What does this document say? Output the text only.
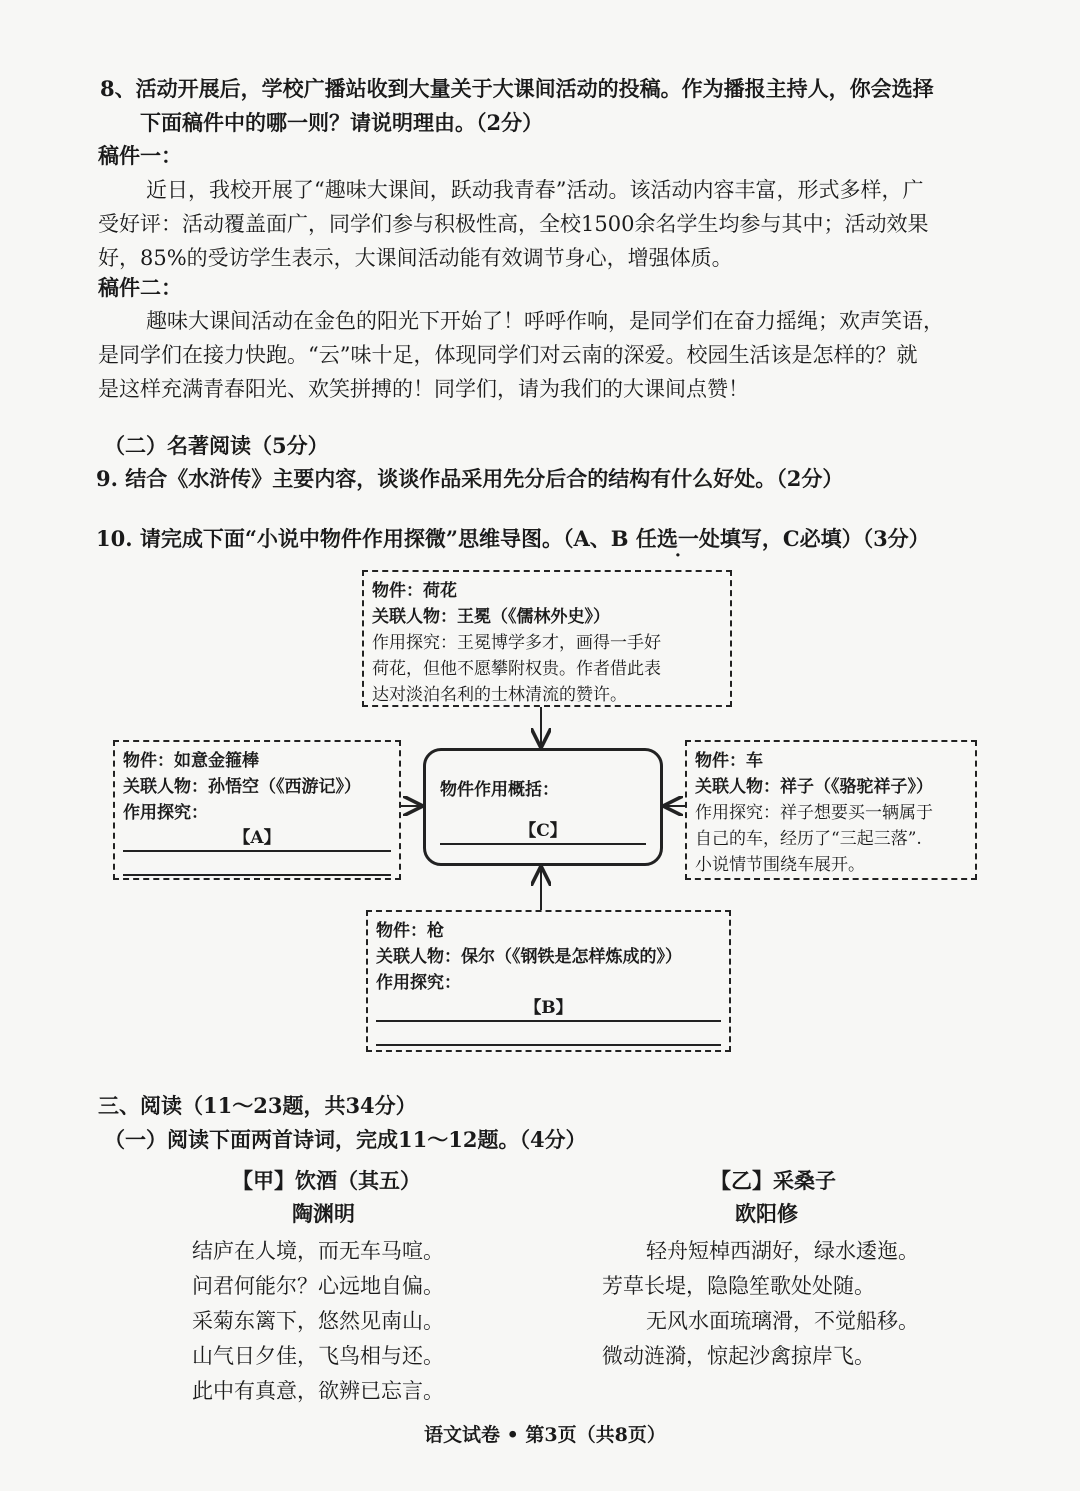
8、活动开展后，学校广播站收到大量关于大课间活动的投稿。作为播报主持人，你会选择
下面稿件中的哪一则？请说明理由。（2分）
稿件一：
近日，我校开展了“趣味大课间，跃动我青春”活动。该活动内容丰富，形式多样，广
受好评：活动覆盖面广，同学们参与积极性高，全校1500余名学生均参与其中；活动效果
好，85%的受访学生表示，大课间活动能有效调节身心，增强体质。
稿件二：
趣味大课间活动在金色的阳光下开始了！呼呼作响，是同学们在奋力摇绳；欢声笑语，
是同学们在接力快跑。“云”味十足，体现同学们对云南的深爱。校园生活该是怎样的？就
是这样充满青春阳光、欢笑拼搏的！同学们，请为我们的大课间点赞！
（二）名著阅读（5分）
9. 结合《水浒传》主要内容，谈谈作品采用先分后合的结构有什么好处。（2分）
10. 请完成下面“小说中物件作用探微”思维导图。（A、B 任选一处填写，C必填）（3分）
物件：荷花
关联人物：王冕（《儒林外史》）
作用探究：王冕博学多才，画得一手好
荷花，但他不愿攀附权贵。作者借此表
达对淡泊名利的士林清流的赞许。
物件：如意金箍棒
关联人物：孙悟空（《西游记》）
作用探究：
【A】
物件作用概括：
【C】
物件：车
关联人物：祥子（《骆驼祥子》）
作用探究：祥子想要买一辆属于
自己的车，经历了“三起三落”.
小说情节围绕车展开。
物件：枪
关联人物：保尔（《钢铁是怎样炼成的》）
作用探究：
【B】
三、阅读（11～23题，共34分）
（一）阅读下面两首诗词，完成11～12题。（4分）
【甲】饮酒（其五）
陶渊明
结庐在人境，而无车马喧。
问君何能尔？心远地自偏。
采菊东篱下，悠然见南山。
山气日夕佳，飞鸟相与还。
此中有真意，欲辨已忘言。
【乙】采桑子
欧阳修
轻舟短棹西湖好，绿水逶迤。
芳草长堤，隐隐笙歌处处随。
无风水面琉璃滑，不觉船移。
微动涟漪，惊起沙禽掠岸飞。
语文试卷 • 第3页（共8页）
